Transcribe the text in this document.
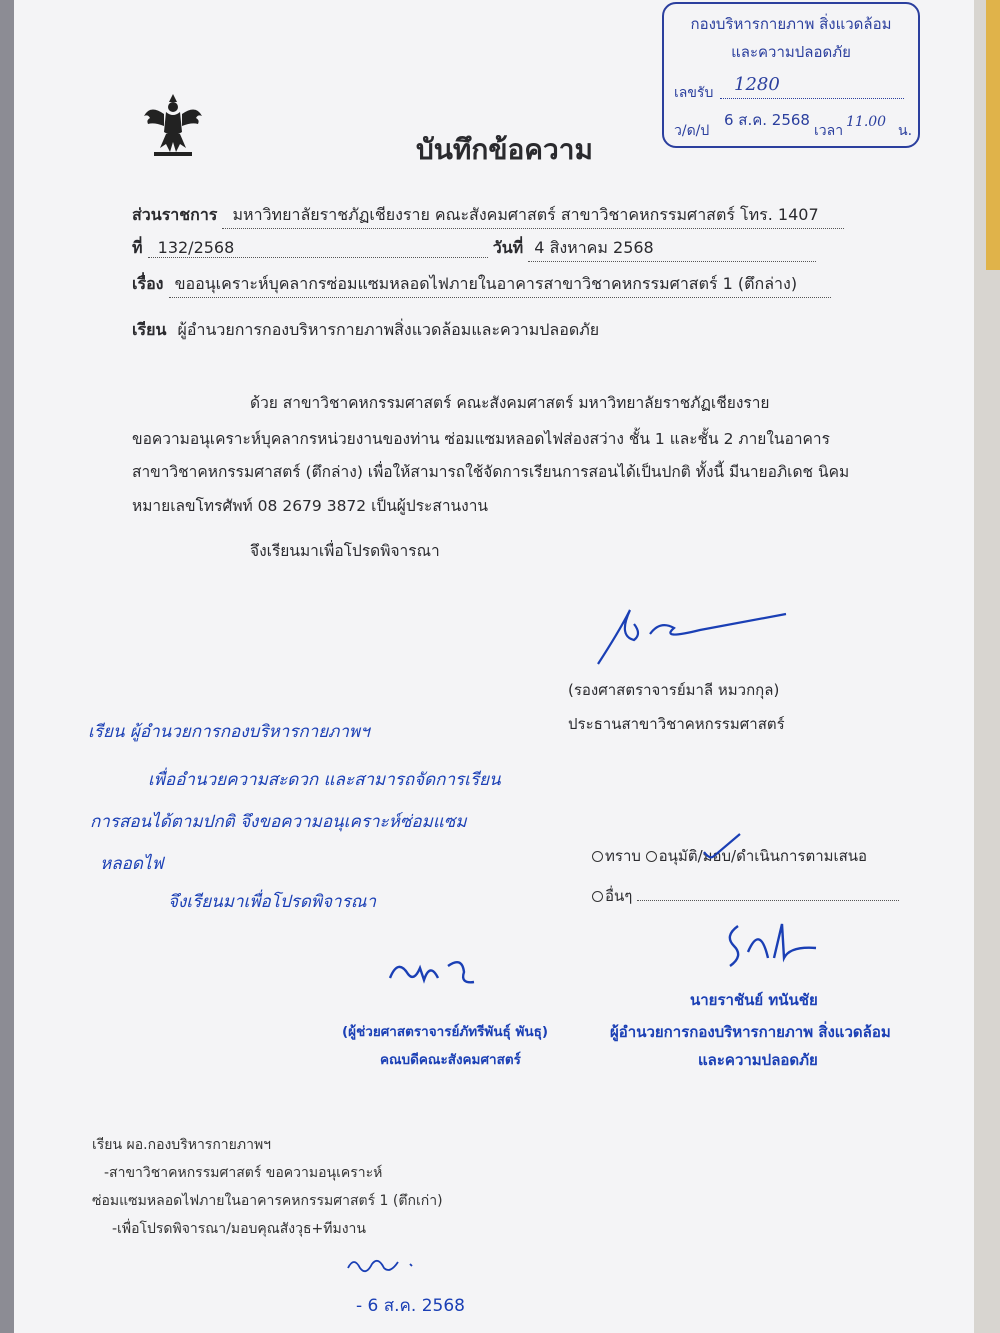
กองบริหารกายภาพ สิ่งแวดล้อม
และความปลอดภัย
เลขรับ 1280
ว/ด/ป
6 ส.ค. 2568
เวลา
11.00
น.
บันทึกข้อความ
ส่วนราชการ มหาวิทยาลัยราชภัฏเชียงราย คณะสังคมศาสตร์ สาขาวิชาคหกรรมศาสตร์ โทร. 1407
ที่ 132/2568	วันที่ 4 สิงหาคม 2568
เรื่อง ขออนุเคราะห์บุคลากรซ่อมแซมหลอดไฟภายในอาคารสาขาวิชาคหกรรมศาสตร์ 1 (ตึกล่าง)
เรียน ผู้อำนวยการกองบริหารกายภาพสิ่งแวดล้อมและความปลอดภัย
ด้วย สาขาวิชาคหกรรมศาสตร์ คณะสังคมศาสตร์ มหาวิทยาลัยราชภัฏเชียงราย
ขอความอนุเคราะห์บุคลากรหน่วยงานของท่าน ซ่อมแซมหลอดไฟส่องสว่าง ชั้น 1 และชั้น 2 ภายในอาคาร
สาขาวิชาคหกรรมศาสตร์ (ตึกล่าง) เพื่อให้สามารถใช้จัดการเรียนการสอนได้เป็นปกติ ทั้งนี้ มีนายอภิเดช นิคม
หมายเลขโทรศัพท์ 08 2679 3872 เป็นผู้ประสานงาน
จึงเรียนมาเพื่อโปรดพิจารณา
(รองศาสตราจารย์มาลี หมวกกุล)
ประธานสาขาวิชาคหกรรมศาสตร์
เรียน ผู้อำนวยการกองบริหารกายภาพฯ
เพื่ออำนวยความสะดวก และสามารถจัดการเรียน
การสอนได้ตามปกติ จึงขอความอนุเคราะห์ซ่อมแซม
หลอดไฟ
จึงเรียนมาเพื่อโปรดพิจารณา
(ผู้ช่วยศาสตราจารย์ภัทรีพันธุ์ พันธุ)
คณบดีคณะสังคมศาสตร์
ทราบ อนุมัติ/มอบ/ดำเนินการตามเสนอ
อื่นๆ
นายราชันย์ ทนันชัย
ผู้อำนวยการกองบริหารกายภาพ สิ่งแวดล้อม
และความปลอดภัย
เรียน ผอ.กองบริหารกายภาพฯ
-สาขาวิชาคหกรรมศาสตร์ ขอความอนุเคราะห์
ซ่อมแซมหลอดไฟภายในอาคารคหกรรมศาสตร์ 1 (ตึกเก่า)
-เพื่อโปรดพิจารณา/มอบคุณสังวุธ+ทีมงาน
- 6 ส.ค. 2568
